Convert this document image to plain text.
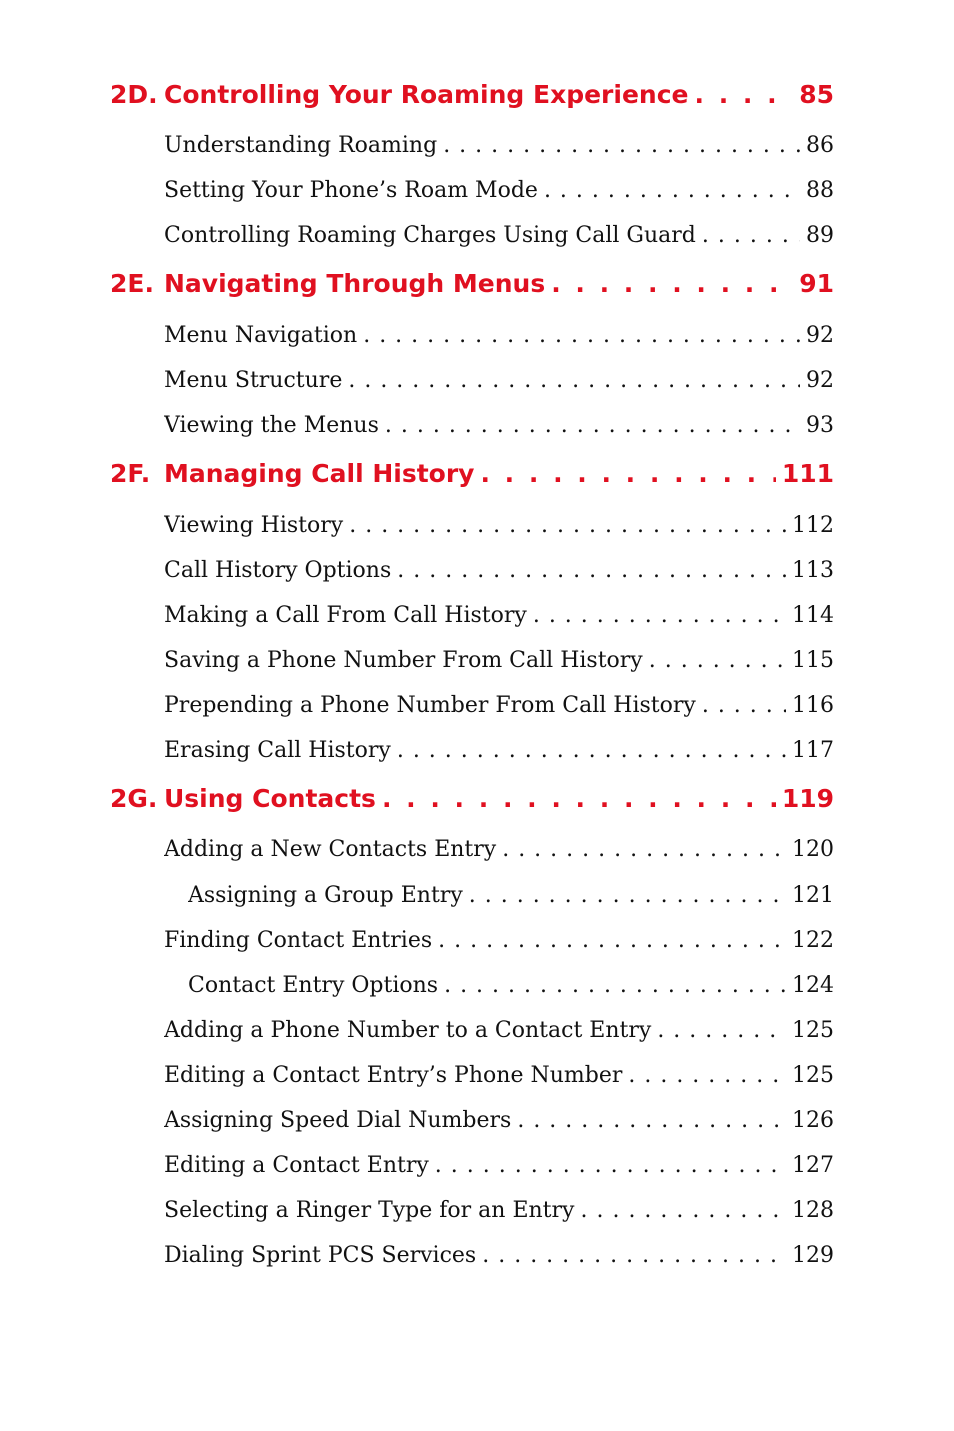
2D. Controlling Your Roaming Experience . . .	85
Understanding Roaming . . .	86
Setting Your Phone’s Roam Mode . . .	88
Controlling Roaming Charges Using Call Guard . . .	89
2E. Navigating Through Menus . . .	91
Menu Navigation . . .	92
Menu Structure . . .	92
Viewing the Menus . . .	93
2F. Managing Call History . . .	111
Viewing History . . .	112
Call History Options . . .	113
Making a Call From Call History . . .	114
Saving a Phone Number From Call History . . .	115
Prepending a Phone Number From Call History . . .	116
Erasing Call History . . .	117
2G. Using Contacts . . .	119
Adding a New Contacts Entry . . .	120
Assigning a Group Entry . . .	121
Finding Contact Entries . . .	122
Contact Entry Options . . .	124
Adding a Phone Number to a Contact Entry . . .	125
Editing a Contact Entry’s Phone Number . . .	125
Assigning Speed Dial Numbers . . .	126
Editing a Contact Entry . . .	127
Selecting a Ringer Type for an Entry . . .	128
Dialing Sprint PCS Services . . .	129
